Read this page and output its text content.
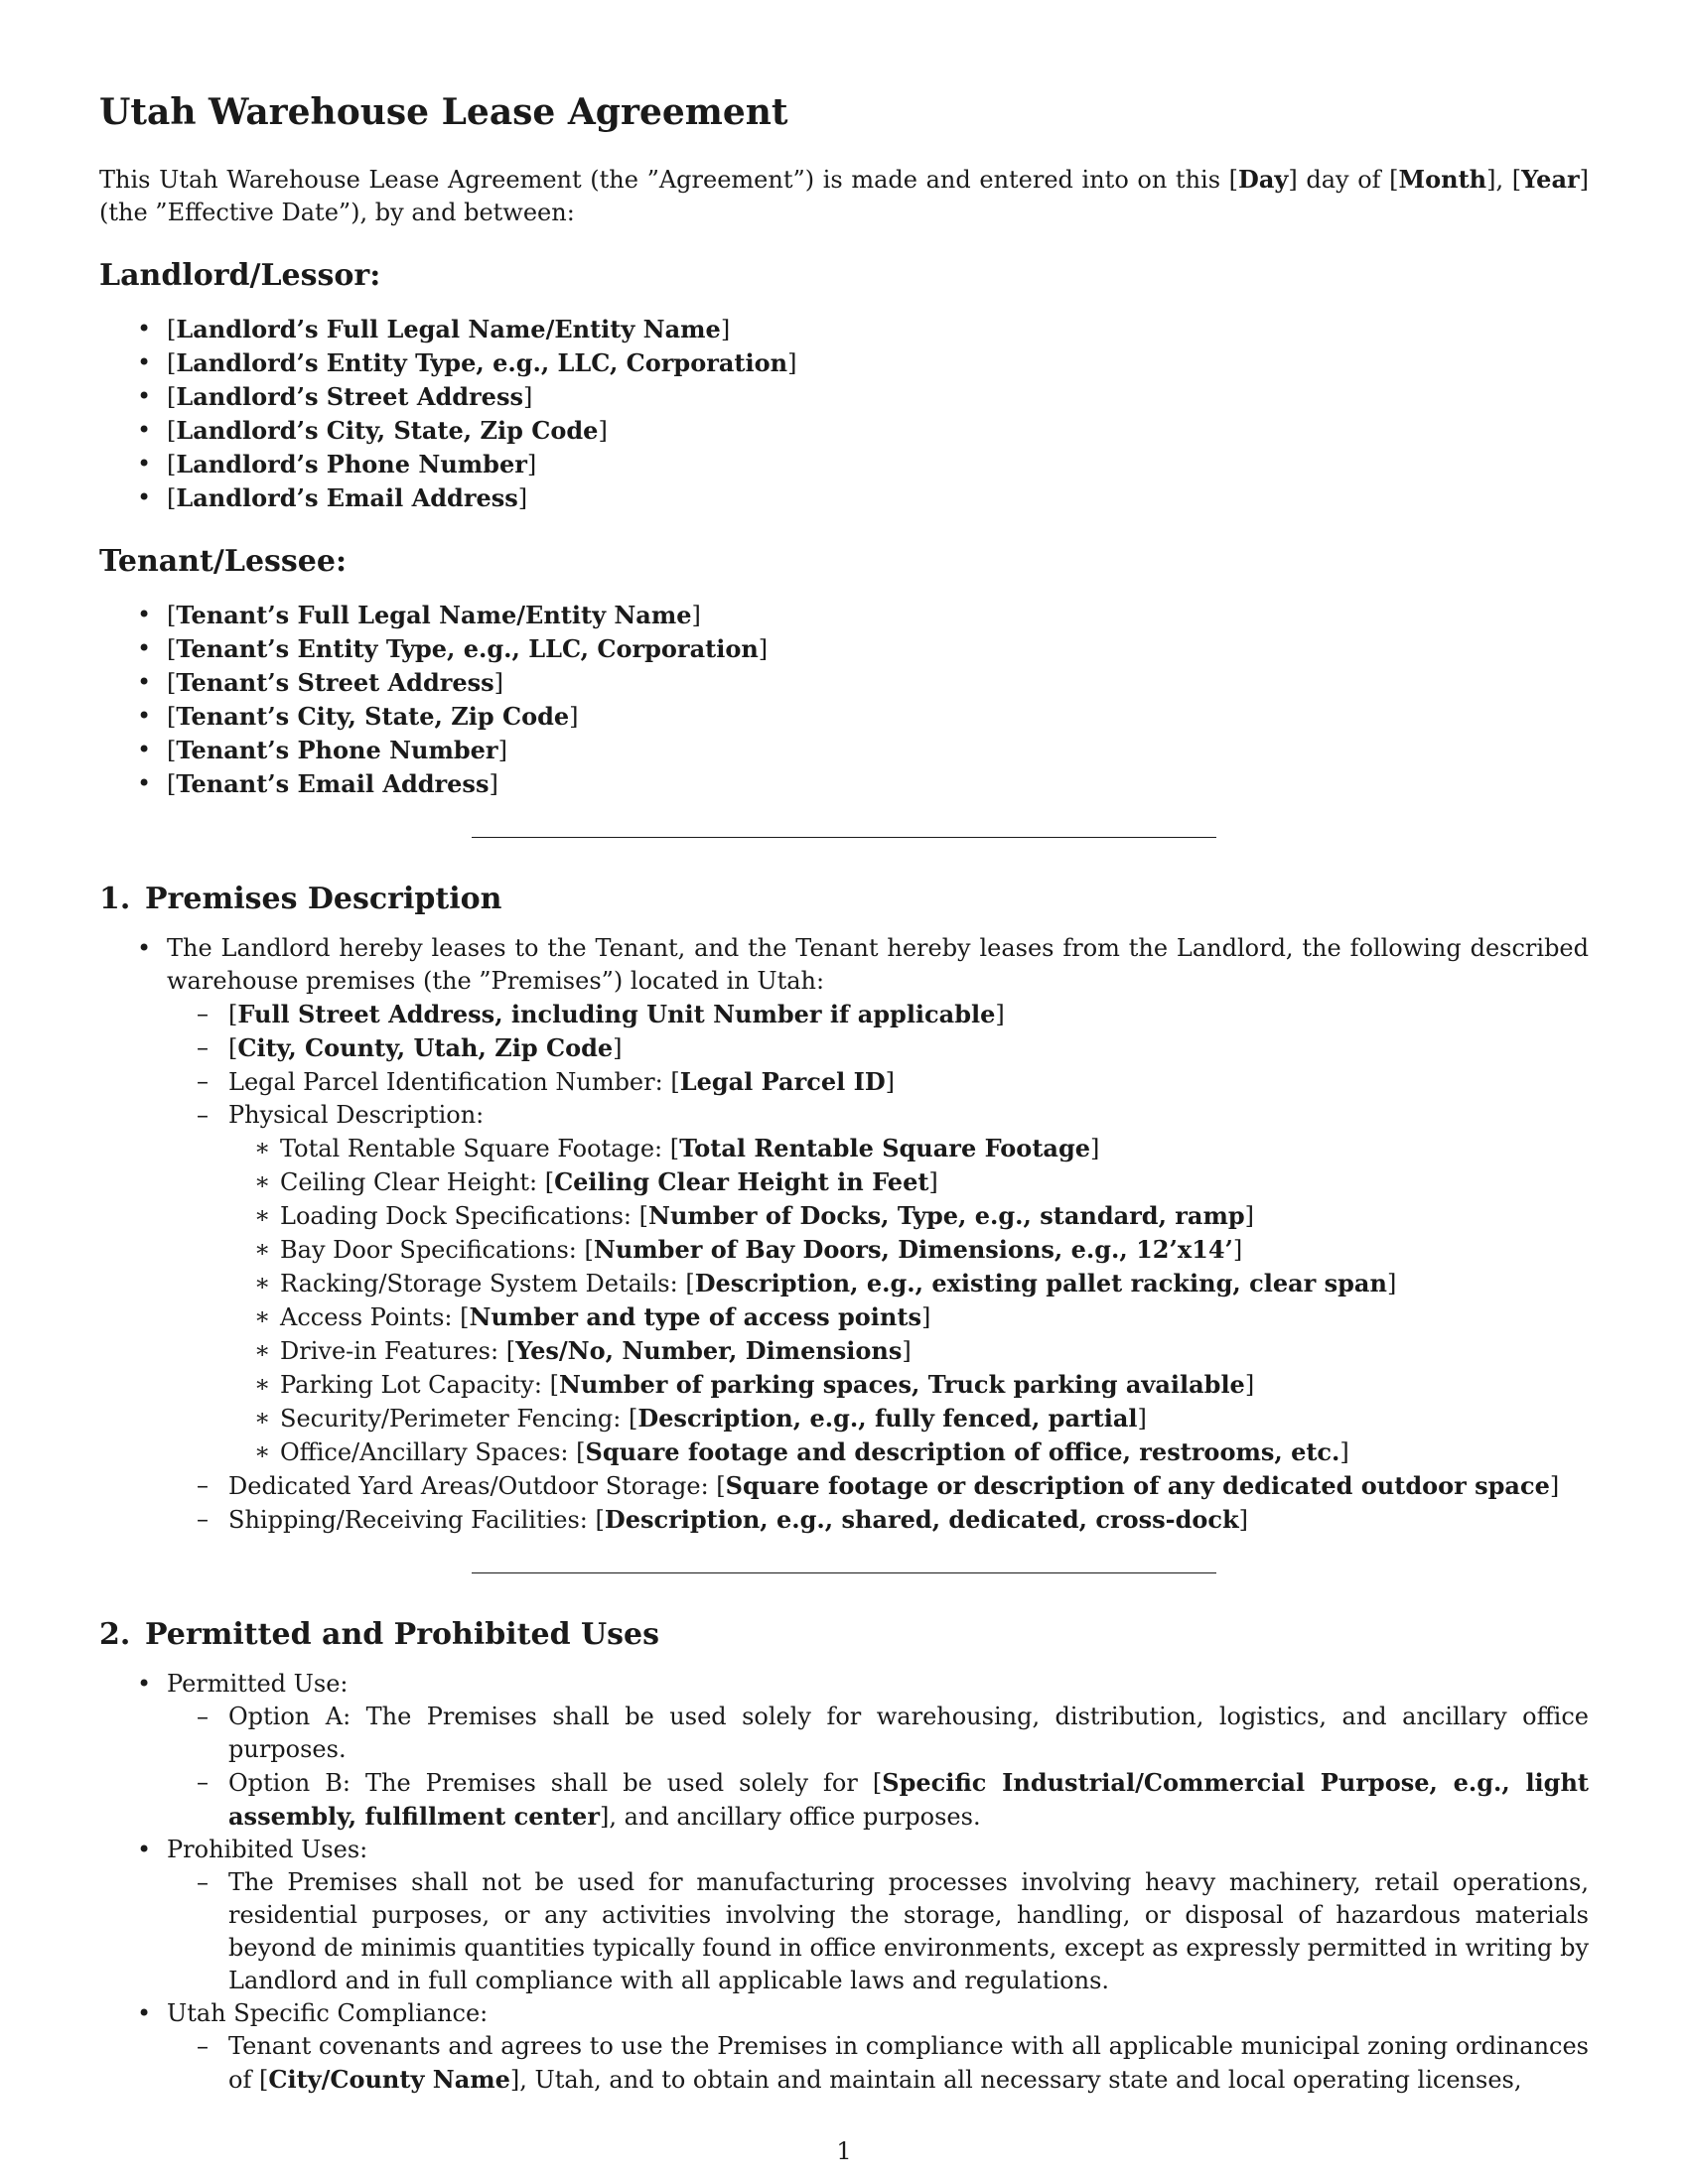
Utah Warehouse Lease Agreement

This Utah Warehouse Lease Agreement (the ”Agreement”) is made and entered into on this [Day] day of [Month], [Year] (the ”Effective Date”), by and between:

Landlord/Lessor:
• [Landlord’s Full Legal Name/Entity Name]
• [Landlord’s Entity Type, e.g., LLC, Corporation]
• [Landlord’s Street Address]
• [Landlord’s City, State, Zip Code]
• [Landlord’s Phone Number]
• [Landlord’s Email Address]
Tenant/Lessee:
• [Tenant’s Full Legal Name/Entity Name]
• [Tenant’s Entity Type, e.g., LLC, Corporation]
• [Tenant’s Street Address]
• [Tenant’s City, State, Zip Code]
• [Tenant’s Phone Number]
• [Tenant’s Email Address]
1. Premises Description
• The Landlord hereby leases to the Tenant, and the Tenant hereby leases from the Landlord, the following described warehouse premises (the ”Premises”) located in Utah:
– [Full Street Address, including Unit Number if applicable]
– [City, County, Utah, Zip Code]
– Legal Parcel Identification Number: [Legal Parcel ID]
– Physical Description:
∗ Total Rentable Square Footage: [Total Rentable Square Footage]
∗ Ceiling Clear Height: [Ceiling Clear Height in Feet]
∗ Loading Dock Specifications: [Number of Docks, Type, e.g., standard, ramp]
∗ Bay Door Specifications: [Number of Bay Doors, Dimensions, e.g., 12’x14’]
∗ Racking/Storage System Details: [Description, e.g., existing pallet racking, clear span]
∗ Access Points: [Number and type of access points]
∗ Drive-in Features: [Yes/No, Number, Dimensions]
∗ Parking Lot Capacity: [Number of parking spaces, Truck parking available]
∗ Security/Perimeter Fencing: [Description, e.g., fully fenced, partial]
∗ Office/Ancillary Spaces: [Square footage and description of office, restrooms, etc.]
– Dedicated Yard Areas/Outdoor Storage: [Square footage or description of any dedicated outdoor space]
– Shipping/Receiving Facilities: [Description, e.g., shared, dedicated, cross-dock]
2. Permitted and Prohibited Uses
• Permitted Use:
– Option A: The Premises shall be used solely for warehousing, distribution, logistics, and ancillary office purposes.
– Option B: The Premises shall be used solely for [Specific Industrial/Commercial Purpose, e.g., light assembly, fulfillment center], and ancillary office purposes.
• Prohibited Uses:
– The Premises shall not be used for manufacturing processes involving heavy machinery, retail operations, residential purposes, or any activities involving the storage, handling, or disposal of hazardous materials beyond de minimis quantities typically found in office environments, except as expressly permitted in writing by Landlord and in full compliance with all applicable laws and regulations.
• Utah Specific Compliance:
– Tenant covenants and agrees to use the Premises in compliance with all applicable municipal zoning ordinances of [City/County Name], Utah, and to obtain and maintain all necessary state and local operating licenses,
1
